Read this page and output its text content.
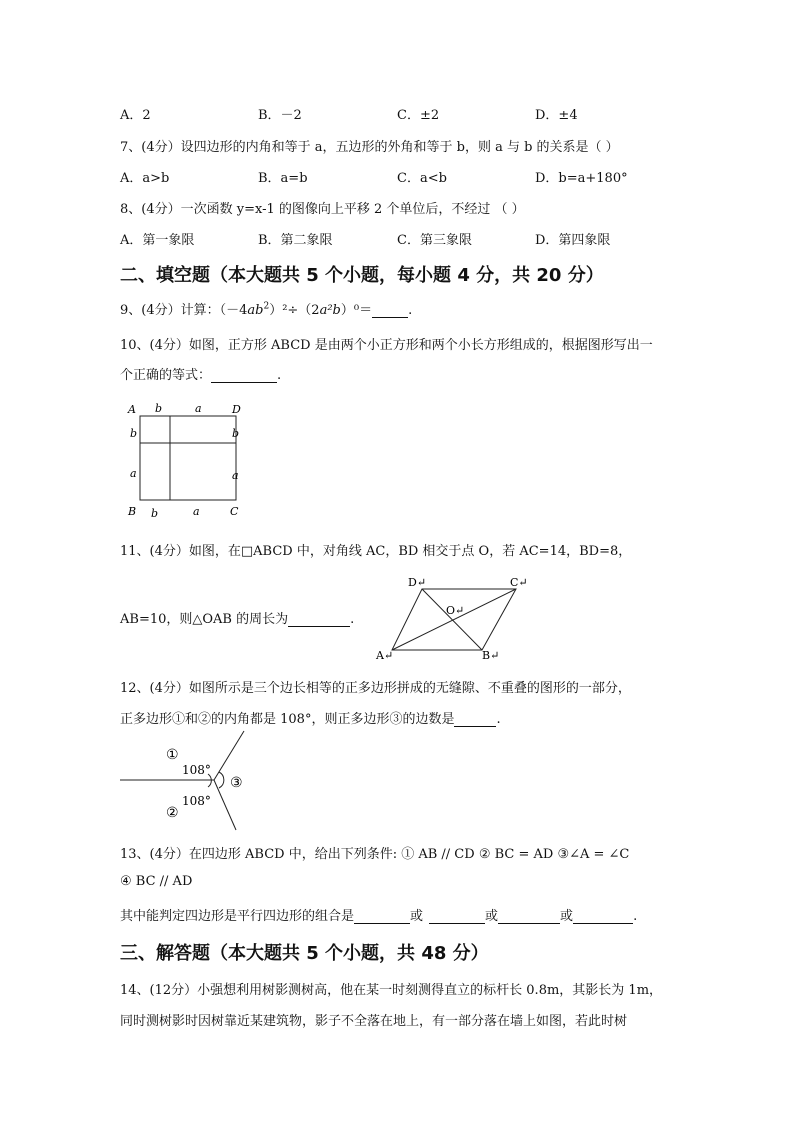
A．2	B．－2	C．±2	D．±4
7、(4分）设四边形的内角和等于 a，五边形的外角和等于 b，则 a 与 b 的关系是（ ）
A．a>b	B．a=b	C．a<b	D．b=a+180°
8、(4分）一次函数 y=x-1 的图像向上平移 2 个单位后，不经过 （ ）
A．第一象限	B．第二象限	C．第三象限	D．第四象限
二、填空题（本大题共 5 个小题，每小题 4 分，共 20 分）
9、(4分）计算：$(-4ab^2)^2\div(2a^2b)^0=$	.
10、(4分）如图，正方形 ABCD 是由两个小正方形和两个小长方形组成的，根据图形写出一
个正确的等式：	.
A	D
B	C
b	a
b
a
b
a
b	a
11、(4分）如图，在□ABCD 中，对角线 AC，BD 相交于点 O，若 AC=14，BD=8，
AB=10，则△OAB 的周长为	.
D↵	C↵
A↵	B↵
O↵
12、(4分）如图所示是三个边长相等的正多边形拼成的无缝隙、不重叠的图形的一部分，
正多边形①和②的内角都是 108°，则正多边形③的边数是	.
①
②
③
108°
108°
13、(4分）在四边形 ABCD 中，给出下列条件: ① AB // CD ② BC = AD ③∠A = ∠C
④ BC // AD
其中能判定四边形是平行四边形的组合是	或	或	或	.
三、解答题（本大题共 5 个小题，共 48 分）
14、(12分）小强想利用树影测树高，他在某一时刻测得直立的标杆长 0.8m，其影长为 1m，
同时测树影时因树靠近某建筑物，影子不全落在地上，有一部分落在墙上如图，若此时树
